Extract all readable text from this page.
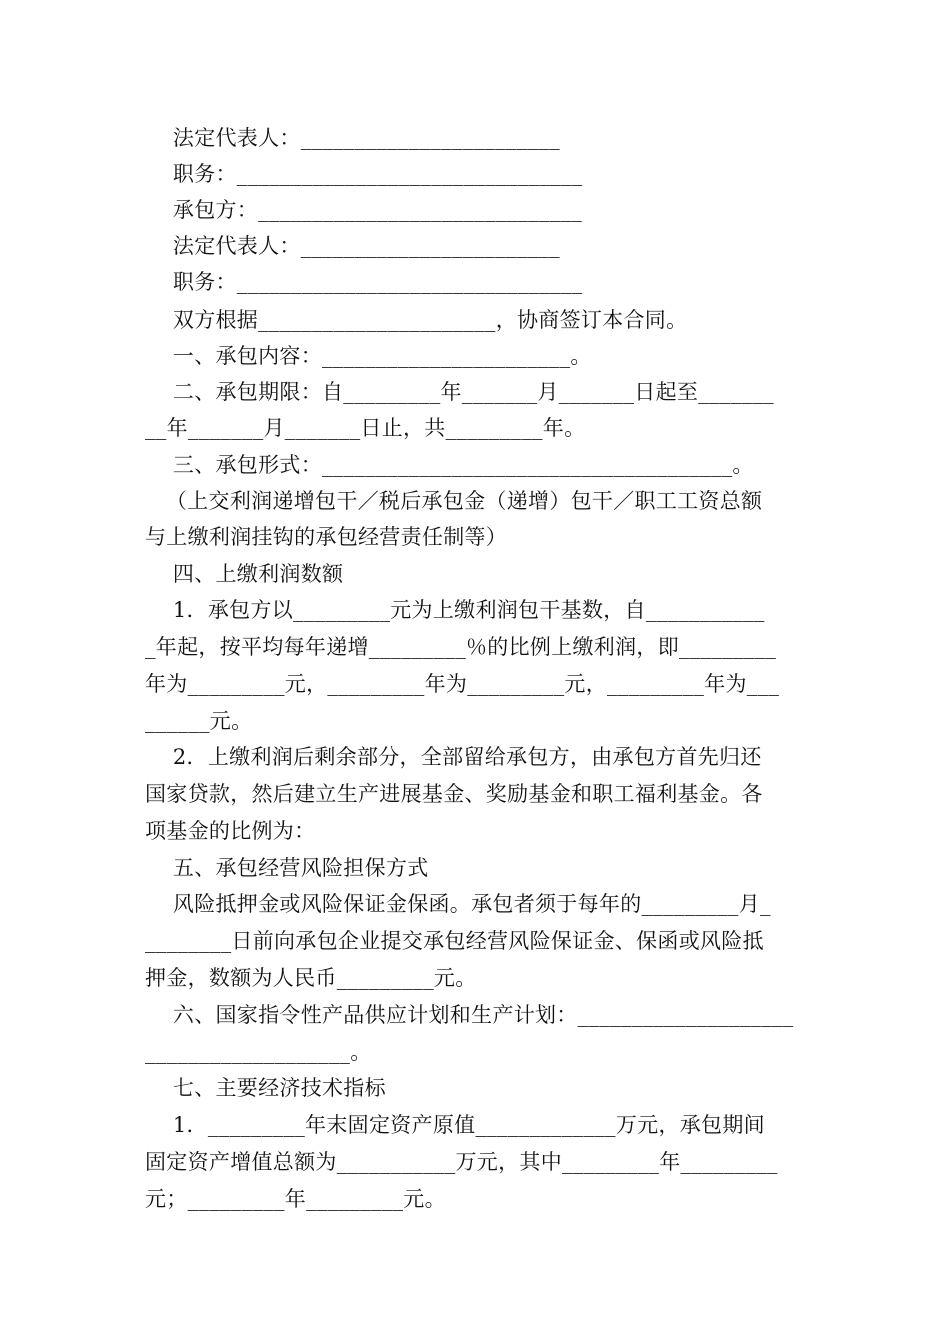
法定代表人：________________________
职务：________________________________
承包方：______________________________
法定代表人：________________________
职务：________________________________
双方根据______________________，协商签订本合同。
一、承包内容：_______________________。
二、承包期限：自_________年_______月_______日起至_______
__年_______月_______日止，共_________年。
三、承包形式：______________________________________。
（上交利润递增包干／税后承包金（递增）包干／职工工资总额
与上缴利润挂钩的承包经营责任制等）
四、上缴利润数额
1．承包方以_________元为上缴利润包干基数，自___________
_年起，按平均每年递增_________％的比例上缴利润，即_________
年为_________元，_________年为_________元，_________年为___
______元。
2．上缴利润后剩余部分，全部留给承包方，由承包方首先归还
国家贷款，然后建立生产进展基金、奖励基金和职工福利基金。各
项基金的比例为：
五、承包经营风险担保方式
风险抵押金或风险保证金保函。承包者须于每年的_________月_
________日前向承包企业提交承包经营风险保证金、保函或风险抵
押金，数额为人民币_________元。
六、国家指令性产品供应计划和生产计划：____________________
___________________。
七、主要经济技术指标
1．_________年末固定资产原值_____________万元，承包期间
固定资产增值总额为___________万元，其中_________年_________
元；_________年_________元。
